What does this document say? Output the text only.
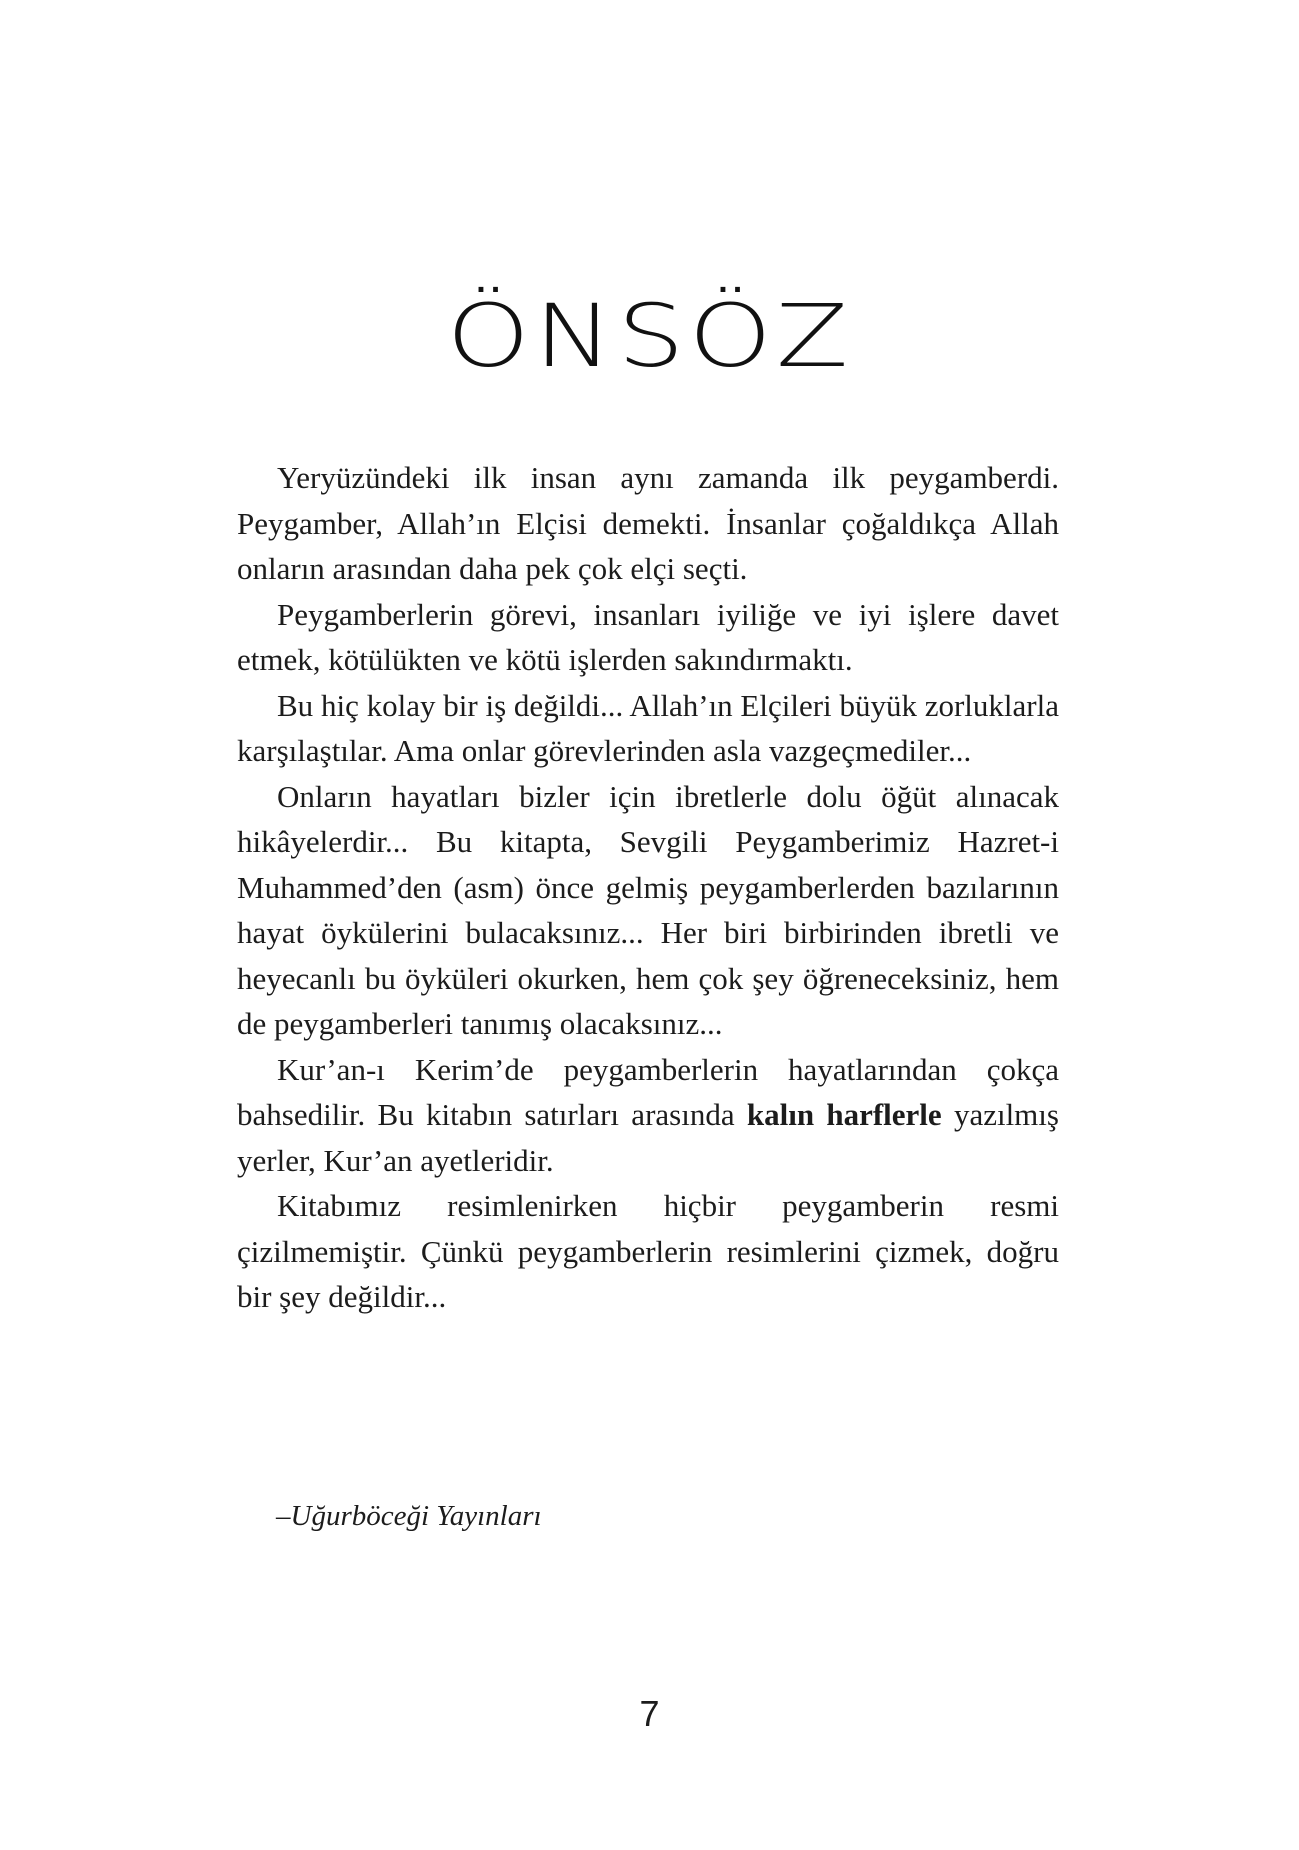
ÖNSÖZ

Yeryüzündeki ilk insan aynı zamanda ilk peygamberdi. Peygamber, Allah’ın Elçisi demekti. İnsanlar çoğaldıkça Allah onların arasından daha pek çok elçi seçti.

Peygamberlerin görevi, insanları iyiliğe ve iyi işlere davet etmek, kötülükten ve kötü işlerden sakındırmaktı.

Bu hiç kolay bir iş değildi... Allah’ın Elçileri büyük zorluklarla karşılaştılar. Ama onlar görevlerinden asla vazgeçmediler...

Onların hayatları bizler için ibretlerle dolu öğüt alınacak hikâyelerdir... Bu kitapta, Sevgili Peygamberimiz Hazret-i Muhammed’den (asm) önce gelmiş peygamberlerden bazılarının hayat öykülerini bulacaksınız... Her biri birbirinden ibretli ve heyecanlı bu öyküleri okurken, hem çok şey öğreneceksiniz, hem de peygamberleri tanımış olacaksınız...

Kur’an-ı Kerim’de peygamberlerin hayatlarından çokça bahsedilir. Bu kitabın satırları arasında kalın harflerle yazılmış yerler, Kur’an ayetleridir.

Kitabımız resimlenirken hiçbir peygamberin resmi çizilmemiştir. Çünkü peygamberlerin resimlerini çizmek, doğru bir şey değildir...

–Uğurböceği Yayınları
7
